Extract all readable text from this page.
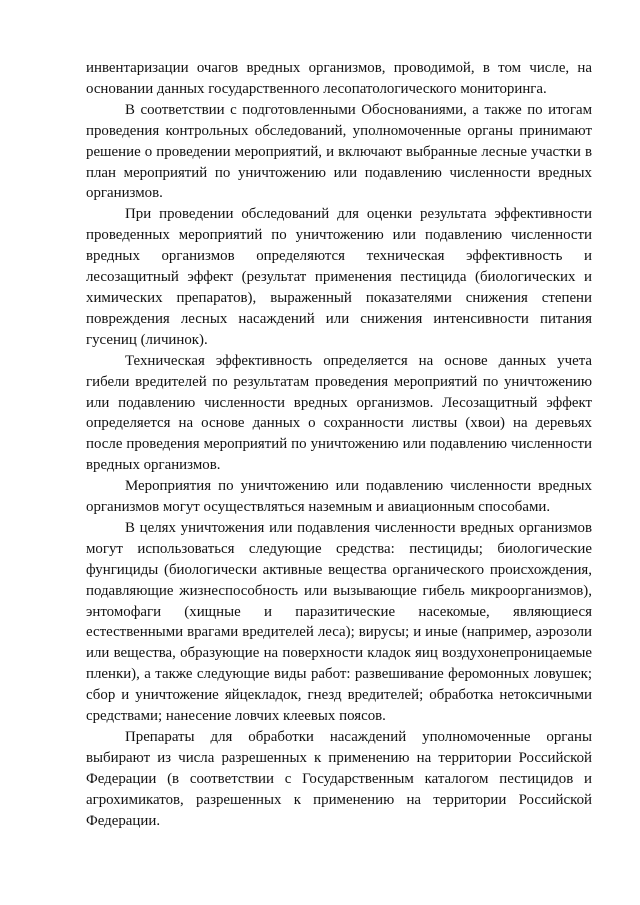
инвентаризации очагов вредных организмов, проводимой, в том числе, на основании данных государственного лесопатологического мониторинга.

В соответствии с подготовленными Обоснованиями, а также по итогам проведения контрольных обследований, уполномоченные органы принимают решение о проведении мероприятий, и включают выбранные лесные участки в план мероприятий по уничтожению или подавлению численности вредных организмов.

При проведении обследований для оценки результата эффективности проведенных мероприятий по уничтожению или подавлению численности вредных организмов определяются техническая эффективность и лесозащитный эффект (результат применения пестицида (биологических и химических препаратов), выраженный показателями снижения степени повреждения лесных насаждений или снижения интенсивности питания гусениц (личинок).

Техническая эффективность определяется на основе данных учета гибели вредителей по результатам проведения мероприятий по уничтожению или подавлению численности вредных организмов. Лесозащитный эффект определяется на основе данных о сохранности листвы (хвои) на деревьях после проведения мероприятий по уничтожению или подавлению численности вредных организмов.

Мероприятия по уничтожению или подавлению численности вредных организмов могут осуществляться наземным и авиационным способами.

В целях уничтожения или подавления численности вредных организмов могут использоваться следующие средства: пестициды; биологические фунгициды (биологически активные вещества органического происхождения, подавляющие жизнеспособность или вызывающие гибель микроорганизмов), энтомофаги (хищные и паразитические насекомые, являющиеся естественными врагами вредителей леса); вирусы; и иные (например, аэрозоли или вещества, образующие на поверхности кладок яиц воздухонепроницаемые пленки), а также следующие виды работ: развешивание феромонных ловушек; сбор и уничтожение яйцекладок, гнезд вредителей; обработка нетоксичными средствами; нанесение ловчих клеевых поясов.

Препараты для обработки насаждений уполномоченные органы выбирают из числа разрешенных к применению на территории Российской Федерации (в соответствии с Государственным каталогом пестицидов и агрохимикатов, разрешенных к применению на территории Российской Федерации.
